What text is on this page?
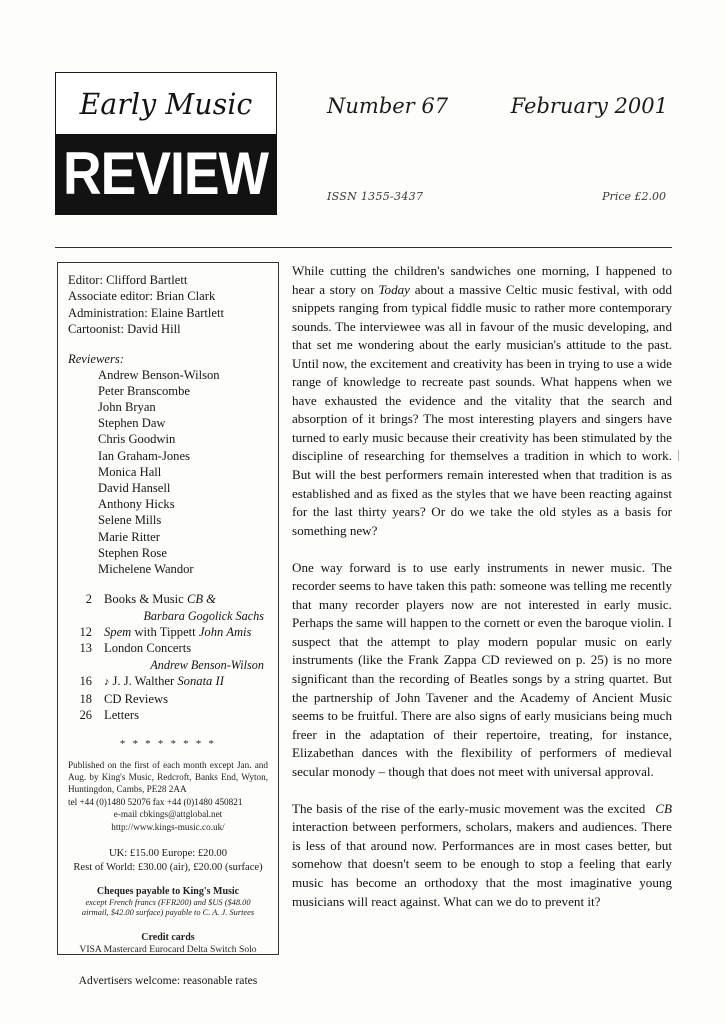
Early Music
REVIEW
Number 67	February 2001
ISSN 1355-3437	Price £2.00
Editor: Clifford Bartlett
Associate editor: Brian Clark
Administration: Elaine Bartlett
Cartoonist: David Hill
Reviewers:
Andrew Benson-Wilson
Peter Branscombe
John Bryan
Stephen Daw
Chris Goodwin
Ian Graham-Jones
Monica Hall
David Hansell
Anthony Hicks
Selene Mills
Marie Ritter
Stephen Rose
Michelene Wandor
2 Books & Music CB &
Barbara Gogolick Sachs
12 Spem with Tippett John Amis
13 London Concerts
Andrew Benson-Wilson
16	♪ J. J. Walther Sonata II
18 CD Reviews
26 Letters
* * * * * * * *
Published on the first of each month except Jan. and Aug. by King's Music, Redcroft, Banks End, Wyton, Huntingdon, Cambs, PE28 2AA
tel +44 (0)1480 52076 fax +44 (0)1480 450821
e-mail cbkings@attglobal.net
http://www.kings-music.co.uk/
UK: £15.00 Europe: £20.00
Rest of World: £30.00 (air), £20.00 (surface)
Cheques payable to King's Music
except French francs (FFR200) and $US ($48.00
airmail, $42.00 surface) payable to C. A. J. Surtees
Credit cards
VISA Mastercard Eurocard Delta Switch Solo
Advertisers welcome: reasonable rates

While cutting the children's sandwiches one morning, I happened to hear a story on Today about a massive Celtic music festival, with odd snippets ranging from typical fiddle music to rather more contemporary sounds. The interviewee was all in favour of the music developing, and that set me wondering about the early musician's attitude to the past. Until now, the excitement and creativity has been in trying to use a wide range of knowledge to recreate past sounds. What happens when we have exhausted the evidence and the vitality that the search and absorption of it brings? The most interesting players and singers have turned to early music because their creativity has been stimulated by the discipline of researching for themselves a tradition in which to work. But will the best performers remain interested when that tradition is as established and as fixed as the styles that we have been reacting against for the last thirty years? Or do we take the old styles as a basis for something new?

One way forward is to use early instruments in newer music. The recorder seems to have taken this path: someone was telling me recently that many recorder players now are not interested in early music. Perhaps the same will happen to the cornett or even the baroque violin. I suspect that the attempt to play modern popular music on early instruments (like the Frank Zappa CD reviewed on p. 25) is no more significant than the recording of Beatles songs by a string quartet. But the partnership of John Tavener and the Academy of Ancient Music seems to be fruitful. There are also signs of early musicians being much freer in the adaptation of their repertoire, treating, for instance, Elizabethan dances with the flexibility of performers of medieval secular monody – though that does not meet with universal approval.

CB
The basis of the rise of the early-music movement was the excited interaction between performers, scholars, makers and audiences. There is less of that around now. Performances are in most cases better, but somehow that doesn't seem to be enough to stop a feeling that early music has become an orthodoxy that the most imaginative young musicians will react against. What can we do to prevent it?
